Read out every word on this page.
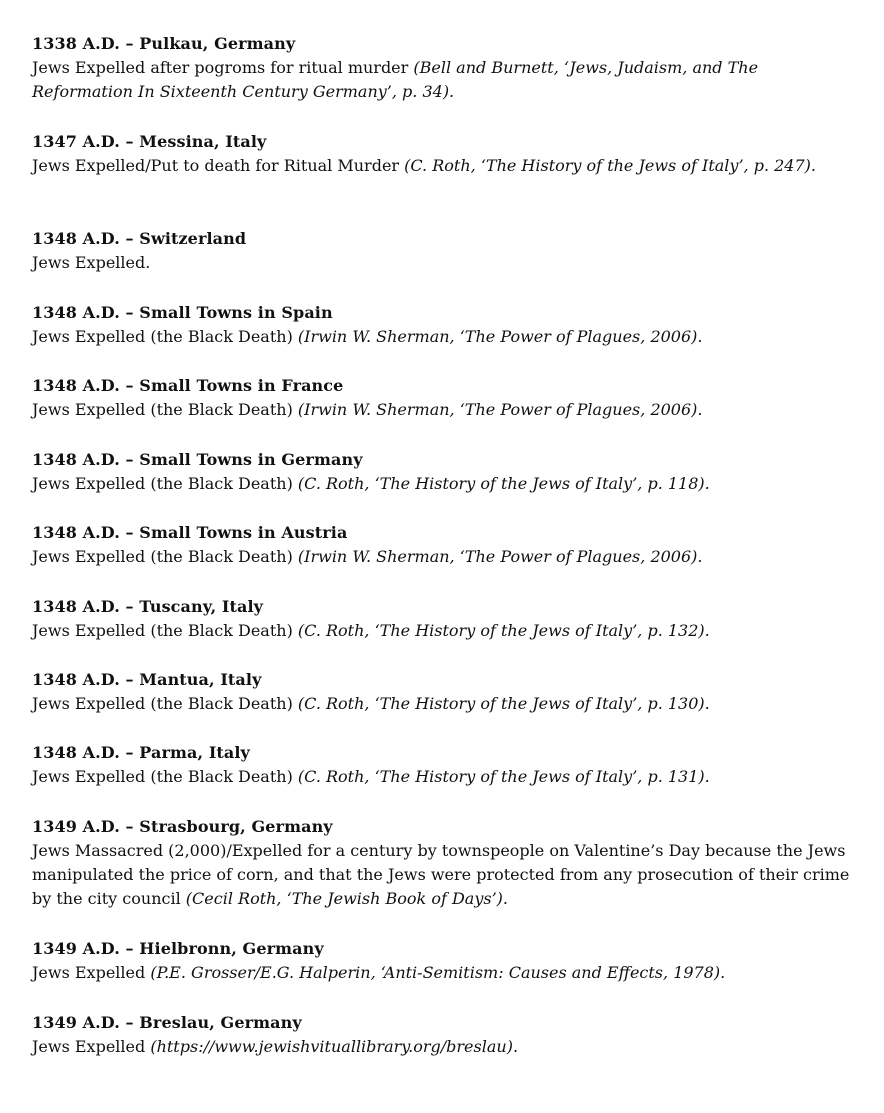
1338 A.D. – Pulkau, Germany
Jews Expelled after pogroms for ritual murder (Bell and Burnett, ‘Jews, Judaism, and The Reformation In Sixteenth Century Germany’, p. 34).
1347 A.D. – Messina, Italy
Jews Expelled/Put to death for Ritual Murder (C. Roth, ‘The History of the Jews of Italy’, p. 247).
1348 A.D. – Switzerland
Jews Expelled.
1348 A.D. – Small Towns in Spain
Jews Expelled (the Black Death) (Irwin W. Sherman, ‘The Power of Plagues, 2006).
1348 A.D. – Small Towns in France
Jews Expelled (the Black Death) (Irwin W. Sherman, ‘The Power of Plagues, 2006).
1348 A.D. – Small Towns in Germany
Jews Expelled (the Black Death) (C. Roth, ‘The History of the Jews of Italy’, p. 118).
1348 A.D. – Small Towns in Austria
Jews Expelled (the Black Death) (Irwin W. Sherman, ‘The Power of Plagues, 2006).
1348 A.D. – Tuscany, Italy
Jews Expelled (the Black Death) (C. Roth, ‘The History of the Jews of Italy’, p. 132).
1348 A.D. – Mantua, Italy
Jews Expelled (the Black Death) (C. Roth, ‘The History of the Jews of Italy’, p. 130).
1348 A.D. – Parma, Italy
Jews Expelled (the Black Death) (C. Roth, ‘The History of the Jews of Italy’, p. 131).
1349 A.D. – Strasbourg, Germany
Jews Massacred (2,000)/Expelled for a century by townspeople on Valentine’s Day because the Jews manipulated the price of corn, and that the Jews were protected from any prosecution of their crime by the city council (Cecil Roth, ‘The Jewish Book of Days’).
1349 A.D. – Hielbronn, Germany
Jews Expelled (P.E. Grosser/E.G. Halperin, ‘Anti-Semitism: Causes and Effects, 1978).
1349 A.D. – Breslau, Germany
Jews Expelled (https://www.jewishvituallibrary.org/breslau).
